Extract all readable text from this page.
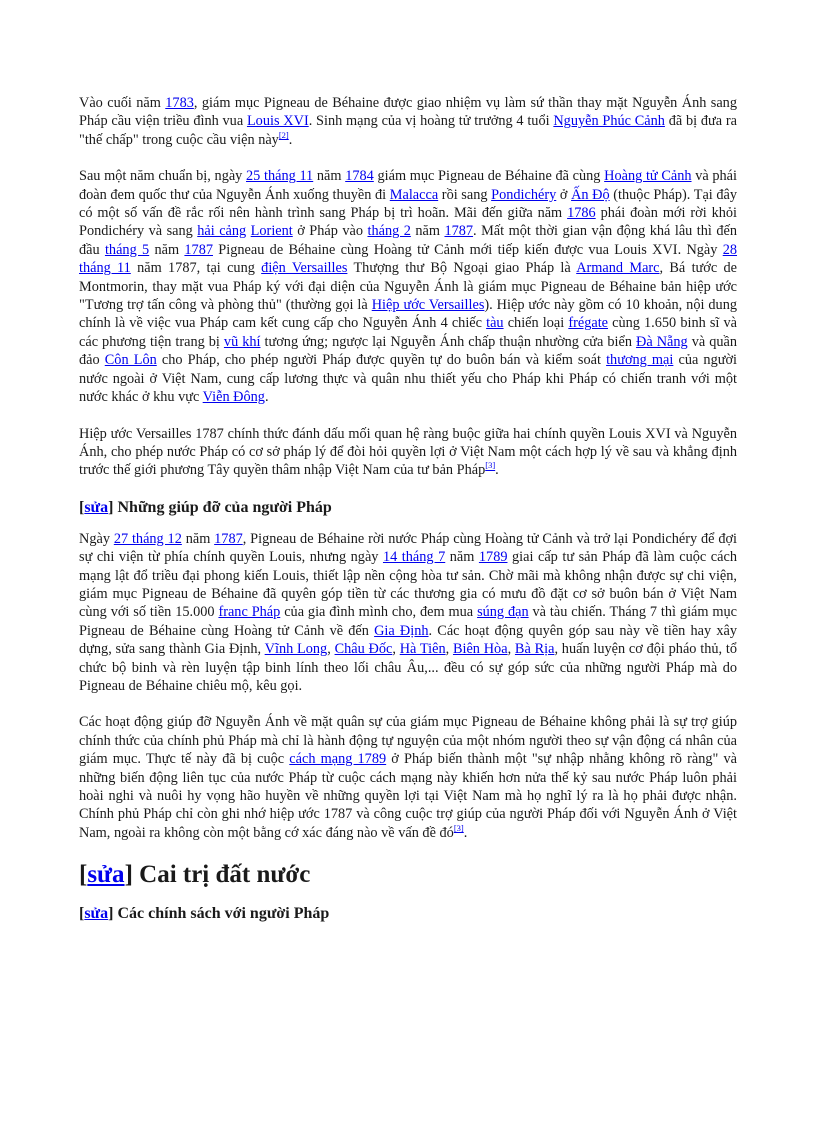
Vào cuối năm 1783, giám mục Pigneau de Béhaine được giao nhiệm vụ làm sứ thần thay mặt Nguyễn Ánh sang Pháp cầu viện triều đình vua Louis XVI. Sinh mạng của vị hoàng tử trưởng 4 tuổi Nguyễn Phúc Cảnh đã bị đưa ra "thế chấp" trong cuộc cầu viện này[2].

Sau một năm chuẩn bị, ngày 25 tháng 11 năm 1784 giám mục Pigneau de Béhaine đã cùng Hoàng tử Cảnh và phái đoàn đem quốc thư của Nguyễn Ánh xuống thuyền đi Malacca rồi sang Pondichéry ở Ấn Độ (thuộc Pháp). Tại đây có một số vấn đề rắc rối nên hành trình sang Pháp bị trì hoãn. Mãi đến giữa năm 1786 phái đoàn mới rời khỏi Pondichéry và sang hải cảng Lorient ở Pháp vào tháng 2 năm 1787. Mất một thời gian vận động khá lâu thì đến đầu tháng 5 năm 1787 Pigneau de Béhaine cùng Hoàng tử Cảnh mới tiếp kiến được vua Louis XVI. Ngày 28 tháng 11 năm 1787, tại cung điện Versailles Thượng thư Bộ Ngoại giao Pháp là Armand Marc, Bá tước de Montmorin, thay mặt vua Pháp ký với đại diện của Nguyễn Ánh là giám mục Pigneau de Béhaine bản hiệp ước "Tương trợ tấn công và phòng thủ" (thường gọi là Hiệp ước Versailles). Hiệp ước này gồm có 10 khoản, nội dung chính là về việc vua Pháp cam kết cung cấp cho Nguyễn Ánh 4 chiếc tàu chiến loại frégate cùng 1.650 binh sĩ và các phương tiện trang bị vũ khí tương ứng; ngược lại Nguyễn Ánh chấp thuận nhường cửa biển Đà Nẵng và quần đảo Côn Lôn cho Pháp, cho phép người Pháp được quyền tự do buôn bán và kiểm soát thương mại của người nước ngoài ở Việt Nam, cung cấp lương thực và quân nhu thiết yếu cho Pháp khi Pháp có chiến tranh với một nước khác ở khu vực Viễn Đông.

Hiệp ước Versailles 1787 chính thức đánh dấu mối quan hệ ràng buộc giữa hai chính quyền Louis XVI và Nguyễn Ánh, cho phép nước Pháp có cơ sở pháp lý để đòi hỏi quyền lợi ở Việt Nam một cách hợp lý về sau và khẳng định trước thế giới phương Tây quyền thâm nhập Việt Nam của tư bản Pháp[3].

[sửa] Những giúp đỡ của người Pháp

Ngày 27 tháng 12 năm 1787, Pigneau de Béhaine rời nước Pháp cùng Hoàng tử Cảnh và trở lại Pondichéry để đợi sự chi viện từ phía chính quyền Louis, nhưng ngày 14 tháng 7 năm 1789 giai cấp tư sản Pháp đã làm cuộc cách mạng lật đổ triều đại phong kiến Louis, thiết lập nền cộng hòa tư sản. Chờ mãi mà không nhận được sự chi viện, giám mục Pigneau de Béhaine đã quyên góp tiền từ các thương gia có mưu đồ đặt cơ sở buôn bán ở Việt Nam cùng với số tiền 15.000 franc Pháp của gia đình mình cho, đem mua súng đạn và tàu chiến. Tháng 7 thì giám mục Pigneau de Béhaine cùng Hoàng tử Cảnh về đến Gia Định. Các hoạt động quyên góp sau này về tiền hay xây dựng, sửa sang thành Gia Định, Vĩnh Long, Châu Đốc, Hà Tiên, Biên Hòa, Bà Rịa, huấn luyện cơ đội pháo thủ, tổ chức bộ binh và rèn luyện tập binh lính theo lối châu Âu,... đều có sự góp sức của những người Pháp mà do Pigneau de Béhaine chiêu mộ, kêu gọi.

Các hoạt động giúp đỡ Nguyễn Ánh về mặt quân sự của giám mục Pigneau de Béhaine không phải là sự trợ giúp chính thức của chính phủ Pháp mà chỉ là hành động tự nguyện của một nhóm người theo sự vận động cá nhân của giám mục. Thực tế này đã bị cuộc cách mạng 1789 ở Pháp biến thành một "sự nhập nhằng không rõ ràng" và những biến động liên tục của nước Pháp từ cuộc cách mạng này khiến hơn nửa thế kỷ sau nước Pháp luôn phải hoài nghi và nuôi hy vọng hão huyền về những quyền lợi tại Việt Nam mà họ nghĩ lý ra là họ phải được nhận. Chính phủ Pháp chỉ còn ghi nhớ hiệp ước 1787 và công cuộc trợ giúp của người Pháp đối với Nguyễn Ánh ở Việt Nam, ngoài ra không còn một bằng cớ xác đáng nào về vấn đề đó[3].

[sửa] Cai trị đất nước
[sửa] Các chính sách với người Pháp
